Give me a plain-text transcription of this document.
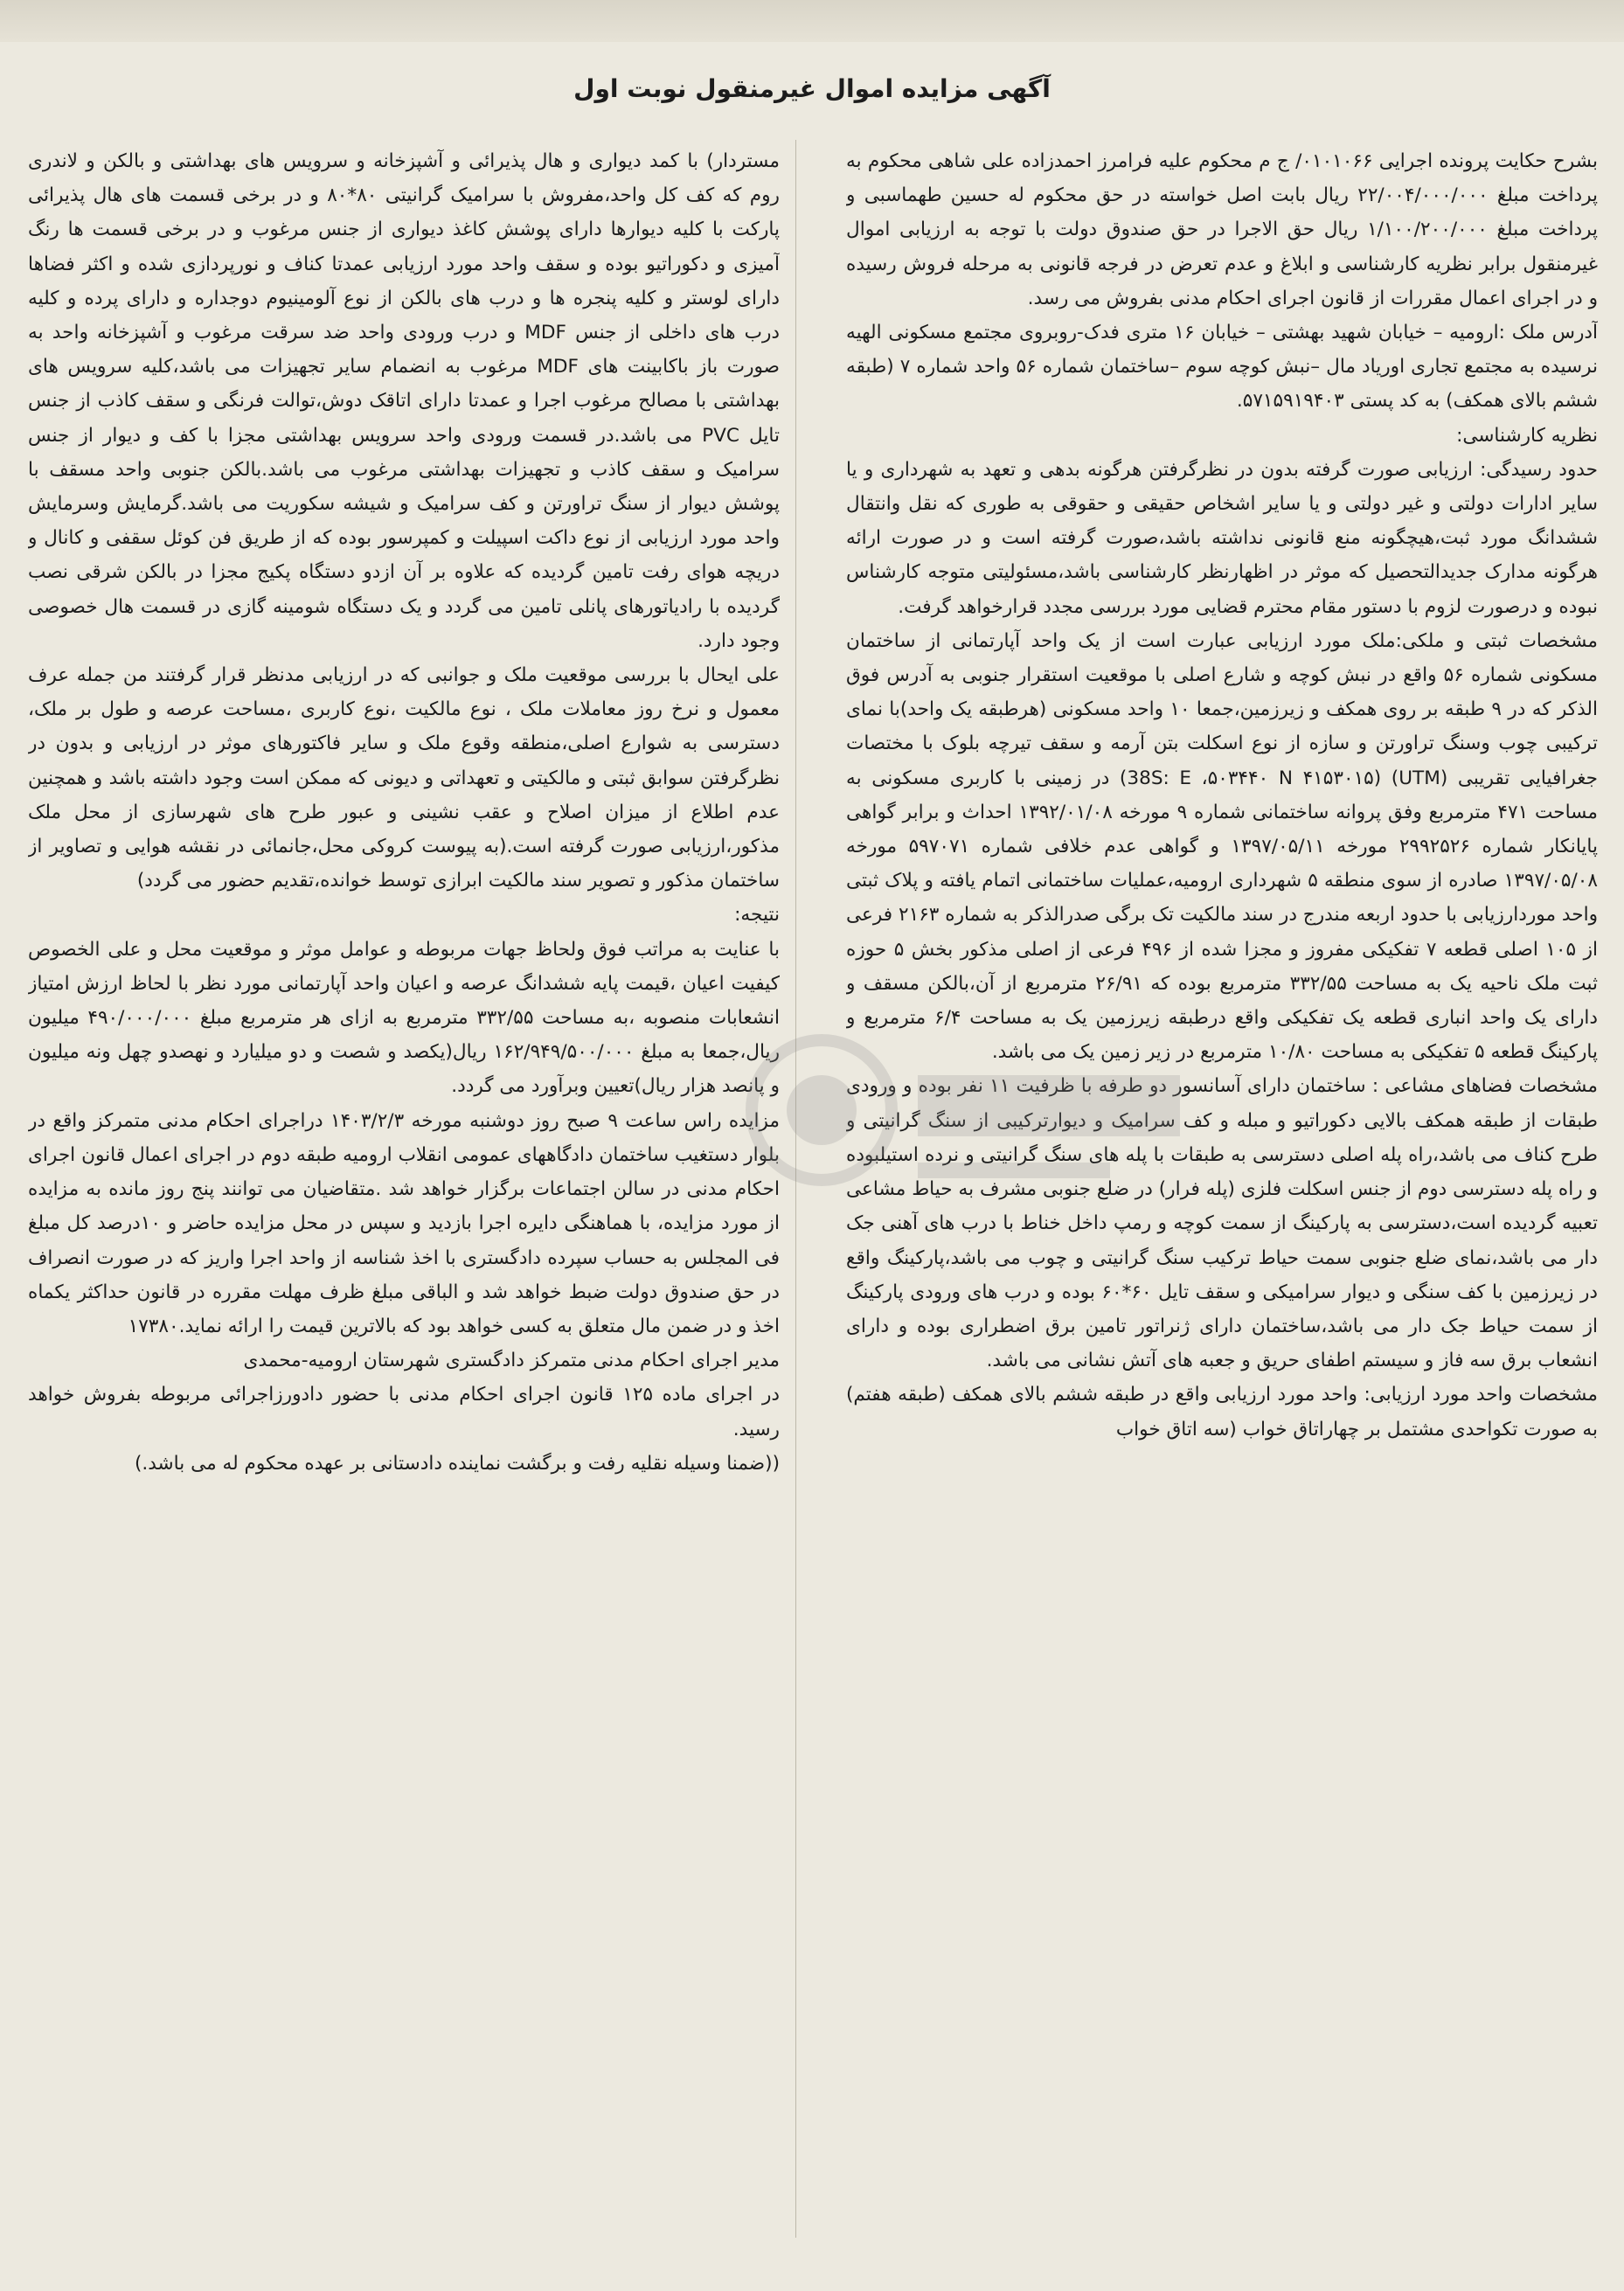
آگهی مزایده اموال غیرمنقول نوبت اول

بشرح حکایت پرونده اجرایی ۰۱۰۱۰۶۶/ ج م محکوم علیه فرامرز احمدزاده علی شاهی محکوم به پرداخت مبلغ ۲۲/۰۰۴/۰۰۰/۰۰۰ ریال بابت اصل خواسته در حق محکوم له حسین طهماسبی و پرداخت مبلغ ۱/۱۰۰/۲۰۰/۰۰۰ ریال حق الاجرا در حق صندوق دولت با توجه به ارزیابی اموال غیرمنقول برابر نظریه کارشناسی و ابلاغ و عدم تعرض در فرجه قانونی به مرحله فروش رسیده و در اجرای اعمال مقررات از قانون اجرای احکام مدنی بفروش می رسد.

آدرس ملک :ارومیه – خیابان شهید بهشتی – خیابان ۱۶ متری فدک-روبروی مجتمع مسکونی الهیه نرسیده به مجتمع تجاری اوریاد مال –نبش کوچه سوم –ساختمان شماره ۵۶ واحد شماره ۷ (طبقه ششم بالای همکف) به کد پستی ۵۷۱۵۹۱۹۴۰۳.

نظریه کارشناسی:

حدود رسیدگی: ارزیابی صورت گرفته بدون در نظرگرفتن هرگونه بدهی و تعهد به شهرداری و یا سایر ادارات دولتی و غیر دولتی و یا سایر اشخاص حقیقی و حقوقی به طوری که نقل وانتقال ششدانگ مورد ثبت،هیچگونه منع قانونی نداشته باشد،صورت گرفته است و در صورت ارائه هرگونه مدارک جدیدالتحصیل که موثر در اظهارنظر کارشناسی باشد،مسئولیتی متوجه کارشناس نبوده و درصورت لزوم با دستور مقام محترم قضایی مورد بررسی مجدد قرارخواهد گرفت.

مشخصات ثبتی و ملکی:ملک مورد ارزیابی عبارت است از یک واحد آپارتمانی از ساختمان مسکونی شماره ۵۶ واقع در نبش کوچه و شارع اصلی با موقعیت استقرار جنوبی به آدرس فوق الذکر که در ۹ طبقه بر روی همکف و زیرزمین،جمعا ۱۰ واحد مسکونی (هرطبقه یک واحد)با نمای ترکیبی چوب وسنگ تراورتن و سازه از نوع اسکلت بتن آرمه و سقف تیرچه بلوک با مختصات جغرافیایی تقریبی (UTM) (38S: E ،۵۰۳۴۴۰ N ۴۱۵۳۰۱۵) در زمینی با کاربری مسکونی به مساحت ۴۷۱ مترمربع وفق پروانه ساختمانی شماره ۹ مورخه ۱۳۹۲/۰۱/۰۸ احداث و برابر گواهی پایانکار شماره ۲۹۹۲۵۲۶ مورخه ۱۳۹۷/۰۵/۱۱ و گواهی عدم خلافی شماره ۵۹۷۰۷۱ مورخه ۱۳۹۷/۰۵/۰۸ صادره از سوی منطقه ۵ شهرداری ارومیه،عملیات ساختمانی اتمام یافته و پلاک ثبتی واحد موردارزیابی با حدود اربعه مندرج در سند مالکیت تک برگی صدرالذکر به شماره ۲۱۶۳ فرعی از ۱۰۵ اصلی قطعه ۷ تفکیکی مفروز و مجزا شده از ۴۹۶ فرعی از اصلی مذکور بخش ۵ حوزه ثبت ملک ناحیه یک به مساحت ۳۳۲/۵۵ مترمربع بوده که ۲۶/۹۱ مترمربع از آن،بالکن مسقف و دارای یک واحد انباری قطعه یک تفکیکی واقع درطبقه زیرزمین یک به مساحت ۶/۴ مترمربع و پارکینگ قطعه ۵ تفکیکی به مساحت ۱۰/۸۰ مترمربع در زیر زمین یک می باشد.

مشخصات فضاهای مشاعی : ساختمان دارای آسانسور دو طرفه با ظرفیت ۱۱ نفر بوده و ورودی طبقات از طبقه همکف بالایی دکوراتیو و مبله و کف سرامیک و دیوارترکیبی از سنگ گرانیتی و طرح کناف می باشد،راه پله اصلی دسترسی به طبقات با پله های سنگ گرانیتی و نرده استیلبوده و راه پله دسترسی دوم از جنس اسکلت فلزی (پله فرار) در ضلع جنوبی مشرف به حیاط مشاعی تعبیه گردیده است،دسترسی به پارکینگ از سمت کوچه و رمپ داخل خناط با درب های آهنی جک دار می باشد،نمای ضلع جنوبی سمت حیاط ترکیب سنگ گرانیتی و چوب می باشد،پارکینگ واقع در زیرزمین با کف سنگی و دیوار سرامیکی و سقف تایل ۶۰*۶۰ بوده و درب های ورودی پارکینگ از سمت حیاط جک دار می باشد،ساختمان دارای ژنراتور تامین برق اضطراری بوده و دارای انشعاب برق سه فاز و سیستم اطفای حریق و جعبه های آتش نشانی می باشد.

مشخصات واحد مورد ارزیابی: واحد مورد ارزیابی واقع در طبقه ششم بالای همکف (طبقه هفتم) به صورت تکواحدی مشتمل بر چهاراتاق خواب (سه اتاق خواب

مستردار) با کمد دیواری و هال پذیرائی و آشپزخانه و سرویس های بهداشتی و بالکن و لاندری روم که کف کل واحد،مفروش با سرامیک گرانیتی ۸۰*۸۰ و در برخی قسمت های هال پذیرائی پارکت با کلیه دیوارها دارای پوشش کاغذ دیواری از جنس مرغوب و در برخی قسمت ها رنگ آمیزی و دکوراتیو بوده و سقف واحد مورد ارزیابی عمدتا کناف و نورپردازی شده و اکثر فضاها دارای لوستر و کلیه پنجره ها و درب های بالکن از نوع آلومینیوم دوجداره و دارای پرده و کلیه درب های داخلی از جنس MDF و درب ورودی واحد ضد سرقت مرغوب و آشپزخانه واحد به صورت باز باکابینت های MDF مرغوب به انضمام سایر تجهیزات می باشد،کلیه سرویس های بهداشتی با مصالح مرغوب اجرا و عمدتا دارای اتاقک دوش،توالت فرنگی و سقف کاذب از جنس تایل PVC می باشد.در قسمت ورودی واحد سرویس بهداشتی مجزا با کف و دیوار از جنس سرامیک و سقف کاذب و تجهیزات بهداشتی مرغوب می باشد.بالکن جنوبی واحد مسقف با پوشش دیوار از سنگ تراورتن و کف سرامیک و شیشه سکوریت می باشد.گرمایش وسرمایش واحد مورد ارزیابی از نوع داکت اسپیلت و کمپرسور بوده که از طریق فن کوئل سقفی و کانال و دریچه هوای رفت تامین گردیده که علاوه بر آن ازدو دستگاه پکیج مجزا در بالکن شرقی نصب گردیده با رادیاتورهای پانلی تامین می گردد و یک دستگاه شومینه گازی در قسمت هال خصوصی وجود دارد.

علی ایحال با بررسی موقعیت ملک و جوانبی که در ارزیابی مدنظر قرار گرفتند من جمله عرف معمول و نرخ روز معاملات ملک ، نوع مالکیت ،نوع کاربری ،مساحت عرصه و طول بر ملک، دسترسی به شوارع اصلی،منطقه وقوع ملک و سایر فاکتورهای موثر در ارزیابی و بدون در نظرگرفتن سوابق ثبتی و مالکیتی و تعهداتی و دیونی که ممکن است وجود داشته باشد و همچنین عدم اطلاع از میزان اصلاح و عقب نشینی و عبور طرح های شهرسازی از محل ملک مذکور،ارزیابی صورت گرفته است.(به پیوست کروکی محل،جانمائی در نقشه هوایی و تصاویر از ساختمان مذکور و تصویر سند مالکیت ابرازی توسط خوانده،تقدیم حضور می گردد)

نتیجه:

با عنایت به مراتب فوق ولحاظ جهات مربوطه و عوامل موثر و موقعیت محل و علی الخصوص کیفیت اعیان ،قیمت پایه ششدانگ عرصه و اعیان واحد آپارتمانی مورد نظر با لحاظ ارزش امتیاز انشعابات منصوبه ،به مساحت ۳۳۲/۵۵ مترمربع به ازای هر مترمربع مبلغ ۴۹۰/۰۰۰/۰۰۰ میلیون ریال،جمعا به مبلغ ۱۶۲/۹۴۹/۵۰۰/۰۰۰ ریال(یکصد و شصت و دو میلیارد و نهصدو چهل ونه میلیون و پانصد هزار ریال)تعیین وبرآورد می گردد.

مزایده راس ساعت ۹ صبح روز دوشنبه مورخه ۱۴۰۳/۲/۳ دراجرای احکام مدنی متمرکز واقع در بلوار دستغیب ساختمان دادگاههای عمومی انقلاب ارومیه طبقه دوم در اجرای اعمال قانون اجرای احکام مدنی در سالن اجتماعات برگزار خواهد شد .متقاضیان می توانند پنج روز مانده به مزایده از مورد مزایده، با هماهنگی دایره اجرا بازدید و سپس در محل مزایده حاضر و ۱۰درصد کل مبلغ فی المجلس به حساب سپرده دادگستری با اخذ شناسه از واحد اجرا واریز که در صورت انصراف در حق صندوق دولت ضبط خواهد شد و الباقی مبلغ ظرف مهلت مقرره در قانون حداکثر یکماه اخذ و در ضمن مال متعلق به کسی خواهد بود که بالاترین قیمت را ارائه نماید.۱۷۳۸۰

مدیر اجرای احکام مدنی متمرکز دادگستری شهرستان ارومیه-محمدی

در اجرای ماده ۱۲۵ قانون اجرای احکام مدنی با حضور دادورزاجرائی مربوطه بفروش خواهد رسید.

((ضمنا وسیله نقلیه رفت و برگشت نماینده دادستانی بر عهده محکوم له می باشد.)
